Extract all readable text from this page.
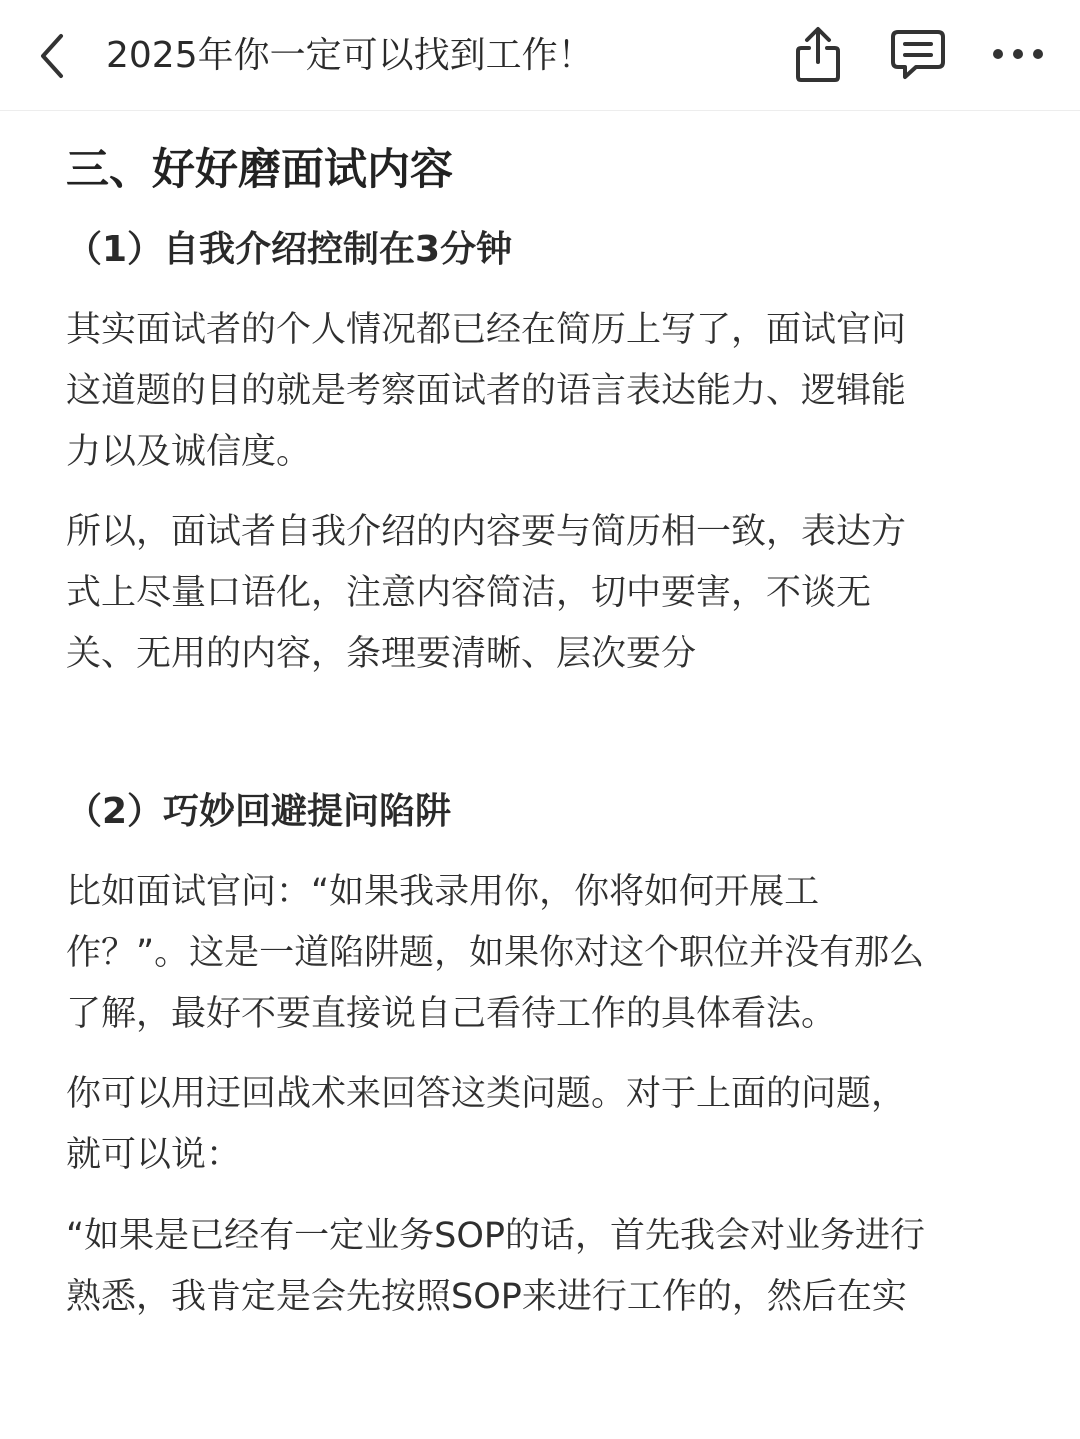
2025年你一定可以找到工作！
三、好好磨面试内容
（1）自我介绍控制在3分钟
其实面试者的个人情况都已经在简历上写了，面试官问
这道题的目的就是考察面试者的语言表达能力、逻辑能
力以及诚信度。
所以，面试者自我介绍的内容要与简历相一致，表达方
式上尽量口语化，注意内容简洁，切中要害，不谈无
关、无用的内容，条理要清晰、层次要分
（2）巧妙回避提问陷阱
比如面试官问：“如果我录用你，你将如何开展工
作？”。这是一道陷阱题，如果你对这个职位并没有那么
了解，最好不要直接说自己看待工作的具体看法。
你可以用迂回战术来回答这类问题。对于上面的问题，
就可以说：
“如果是已经有一定业务SOP的话，首先我会对业务进行
熟悉，我肯定是会先按照SOP来进行工作的，然后在实
